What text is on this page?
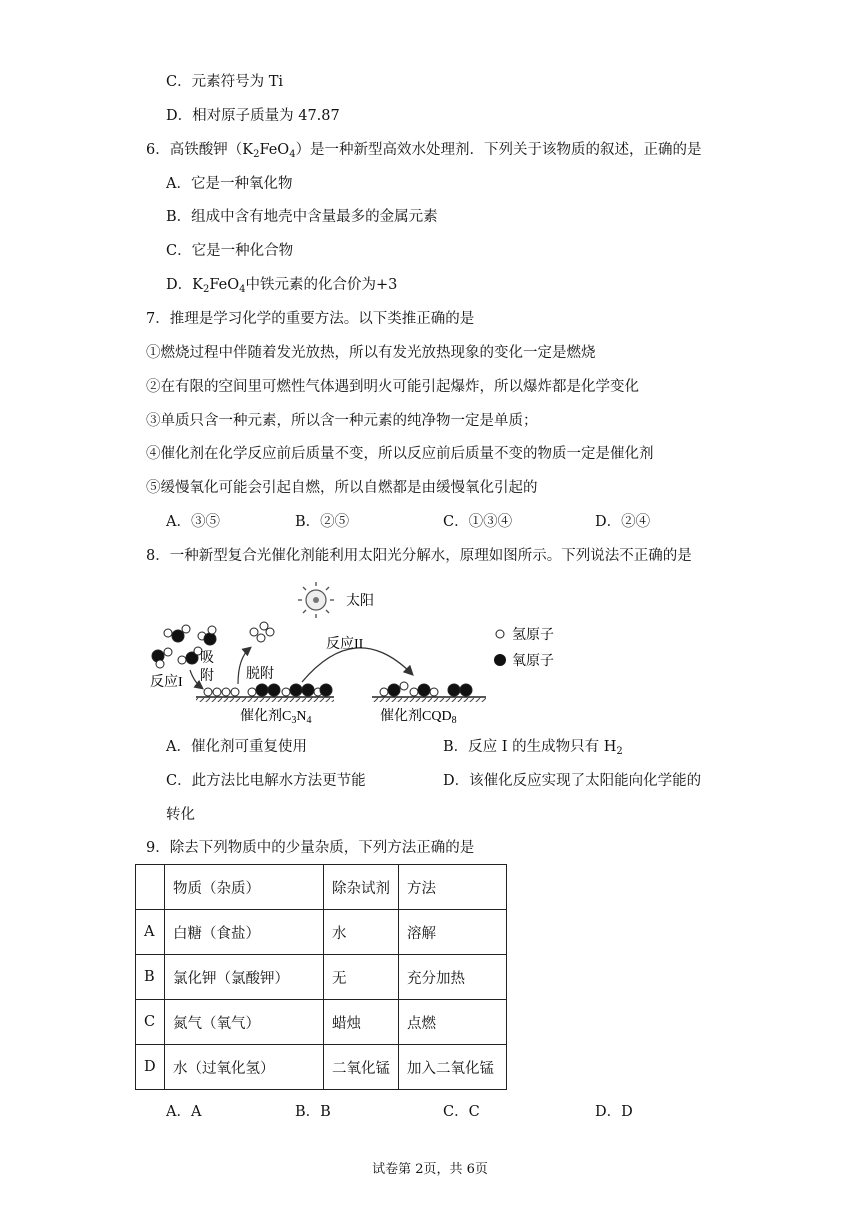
C．元素符号为 Ti
D．相对原子质量为 47.87
6．高铁酸钾$(K_2FeO_4)$是一种新型高效水处理剂．下列关于该物质的叙述，正确的是
A．它是一种氧化物
B．组成中含有地壳中含量最多的金属元素
C．它是一种化合物
D．$K_2FeO_4$中铁元素的化合价为+3
7．推理是学习化学的重要方法。以下类推正确的是
①燃烧过程中伴随着发光放热，所以有发光放热现象的变化一定是燃烧
②在有限的空间里可燃性气体遇到明火可能引起爆炸，所以爆炸都是化学变化
③单质只含一种元素，所以含一种元素的纯净物一定是单质；
④催化剂在化学反应前后质量不变，所以反应前后质量不变的物质一定是催化剂
⑤缓慢氧化可能会引起自燃，所以自燃都是由缓慢氧化引起的
A．③⑤	B．②⑤	C．①③④	D．②④
8．一种新型复合光催化剂能利用太阳光分解水，原理如图所示。下列说法不正确的是
太阳
吸
附
反应I
脱附
反应II
催化剂$C_3N_4$	催化剂$CQD_8$
氢原子
氧原子
A．催化剂可重复使用	B．反应 I 的生成物只有 $H_2$
C．此方法比电解水方法更节能	D．该催化反应实现了太阳能向化学能的
转化
9．除去下列物质中的少量杂质，下列方法正确的是
	物质（杂质）	除杂试剂	方法
A	白糖（食盐）	水	溶解
B	氯化钾（氯酸钾）	无	充分加热
C	氮气（氧气）	蜡烛	点燃
D	水（过氧化氢）	二氧化锰	加入二氧化锰
A．A	B．B	C．C	D．D
试卷第 2页，共 6页
